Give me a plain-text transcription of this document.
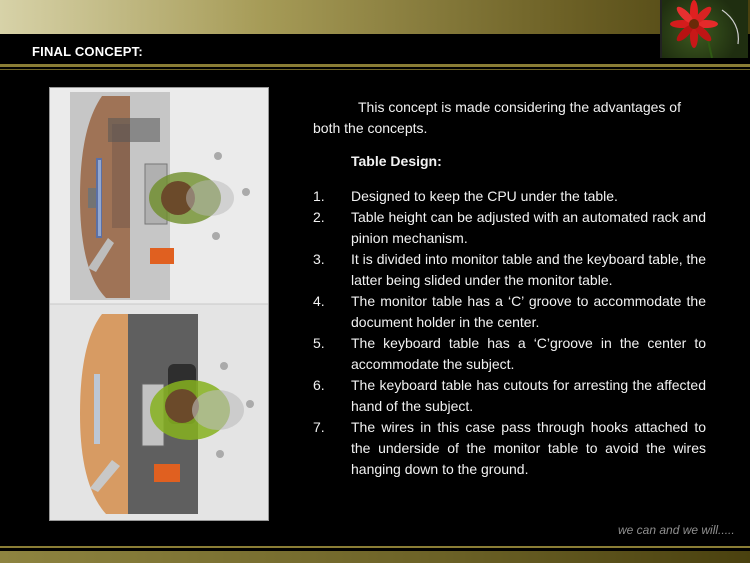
FINAL CONCEPT:

This concept is made considering the advantages of both the concepts.

Table Design:

1.	Designed to keep the CPU under the table.
2.	Table height can be adjusted with an automated rack and pinion mechanism.
3.	It is divided into monitor table and the keyboard table, the latter being slided under the monitor table.
4.	The monitor table has a ‘C’ groove to accommodate the document holder in the center.
5.	The keyboard table has a ‘C’groove in the center to accommodate the subject.
6.	The keyboard table has cutouts for arresting the affected hand of the subject.
7.	The wires in this case pass through hooks attached to the underside of the monitor table to avoid the wires hanging down to the ground.
we can and we will.....
